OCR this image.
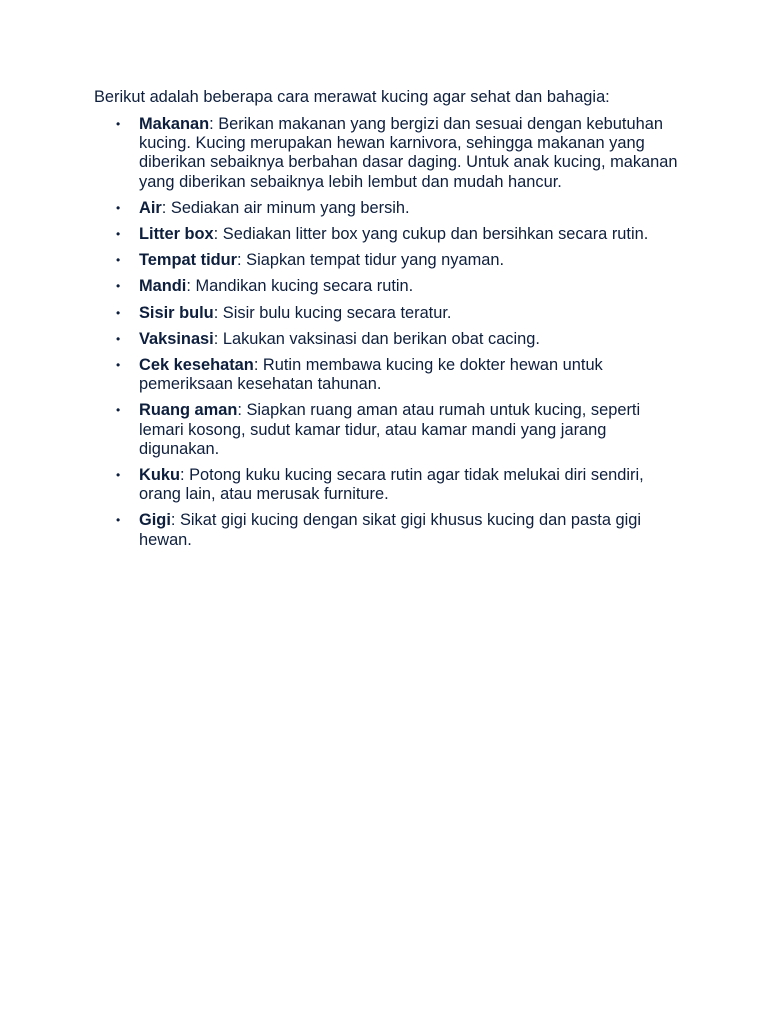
Berikut adalah beberapa cara merawat kucing agar sehat dan bahagia:

• Makanan: Berikan makanan yang bergizi dan sesuai dengan kebutuhan kucing. Kucing merupakan hewan karnivora, sehingga makanan yang diberikan sebaiknya berbahan dasar daging. Untuk anak kucing, makanan yang diberikan sebaiknya lebih lembut dan mudah hancur.
• Air: Sediakan air minum yang bersih.
• Litter box: Sediakan litter box yang cukup dan bersihkan secara rutin.
• Tempat tidur: Siapkan tempat tidur yang nyaman.
• Mandi: Mandikan kucing secara rutin.
• Sisir bulu: Sisir bulu kucing secara teratur.
• Vaksinasi: Lakukan vaksinasi dan berikan obat cacing.
• Cek kesehatan: Rutin membawa kucing ke dokter hewan untuk pemeriksaan kesehatan tahunan.
• Ruang aman: Siapkan ruang aman atau rumah untuk kucing, seperti lemari kosong, sudut kamar tidur, atau kamar mandi yang jarang digunakan.
• Kuku: Potong kuku kucing secara rutin agar tidak melukai diri sendiri, orang lain, atau merusak furniture.
• Gigi: Sikat gigi kucing dengan sikat gigi khusus kucing dan pasta gigi hewan.
